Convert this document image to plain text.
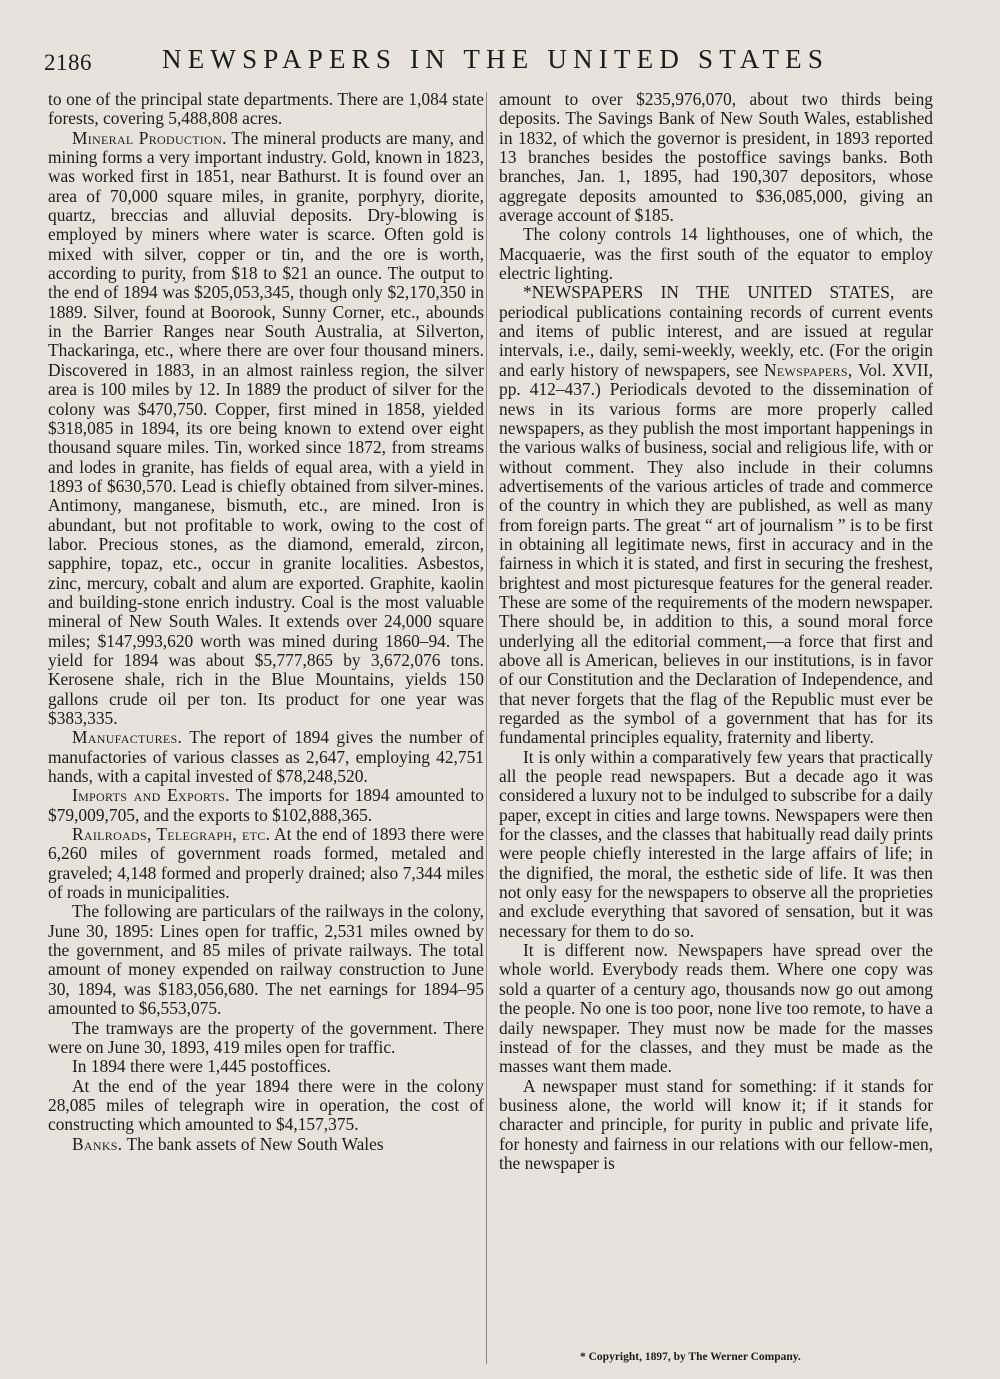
2186	NEWSPAPERS IN THE UNITED STATES

to one of the principal state departments. There are 1,084 state forests, covering 5,488,808 acres.

Mineral Production. The mineral products are many, and mining forms a very important industry. Gold, known in 1823, was worked first in 1851, near Bathurst. It is found over an area of 70,000 square miles, in granite, porphyry, diorite, quartz, breccias and alluvial deposits. Dry-blowing is employed by miners where water is scarce. Often gold is mixed with silver, copper or tin, and the ore is worth, according to purity, from $18 to $21 an ounce. The output to the end of 1894 was $205,053,345, though only $2,170,350 in 1889. Silver, found at Boorook, Sunny Corner, etc., abounds in the Barrier Ranges near South Australia, at Silverton, Thackaringa, etc., where there are over four thousand miners. Discovered in 1883, in an almost rainless region, the silver area is 100 miles by 12. In 1889 the product of silver for the colony was $470,750. Copper, first mined in 1858, yielded $318,085 in 1894, its ore being known to extend over eight thousand square miles. Tin, worked since 1872, from streams and lodes in granite, has fields of equal area, with a yield in 1893 of $630,570. Lead is chiefly obtained from silver-mines. Antimony, manganese, bismuth, etc., are mined. Iron is abundant, but not profitable to work, owing to the cost of labor. Precious stones, as the diamond, emerald, zircon, sapphire, topaz, etc., occur in granite localities. Asbestos, zinc, mercury, cobalt and alum are exported. Graphite, kaolin and building-stone enrich industry. Coal is the most valuable mineral of New South Wales. It extends over 24,000 square miles; $147,993,620 worth was mined during 1860–94. The yield for 1894 was about $5,777,865 by 3,672,076 tons. Kerosene shale, rich in the Blue Mountains, yields 150 gallons crude oil per ton. Its product for one year was $383,335.

Manufactures. The report of 1894 gives the number of manufactories of various classes as 2,647, employing 42,751 hands, with a capital invested of $78,248,520.

Imports and Exports. The imports for 1894 amounted to $79,009,705, and the exports to $102,888,365.

Railroads, Telegraph, etc. At the end of 1893 there were 6,260 miles of government roads formed, metaled and graveled; 4,148 formed and properly drained; also 7,344 miles of roads in municipalities.

The following are particulars of the railways in the colony, June 30, 1895: Lines open for traffic, 2,531 miles owned by the government, and 85 miles of private railways. The total amount of money expended on railway construction to June 30, 1894, was $183,056,680. The net earnings for 1894–95 amounted to $6,553,075.

The tramways are the property of the government. There were on June 30, 1893, 419 miles open for traffic.

In 1894 there were 1,445 postoffices.

At the end of the year 1894 there were in the colony 28,085 miles of telegraph wire in operation, the cost of constructing which amounted to $4,157,375.

Banks. The bank assets of New South Wales

amount to over $235,976,070, about two thirds being deposits. The Savings Bank of New South Wales, established in 1832, of which the governor is president, in 1893 reported 13 branches besides the postoffice savings banks. Both branches, Jan. 1, 1895, had 190,307 depositors, whose aggregate deposits amounted to $36,085,000, giving an average account of $185.

The colony controls 14 lighthouses, one of which, the Macquaerie, was the first south of the equator to employ electric lighting.

*NEWSPAPERS IN THE UNITED STATES, are periodical publications containing records of current events and items of public interest, and are issued at regular intervals, i.e., daily, semi-weekly, weekly, etc. (For the origin and early history of newspapers, see Newspapers, Vol. XVII, pp. 412–437.) Periodicals devoted to the dissemination of news in its various forms are more properly called newspapers, as they publish the most important happenings in the various walks of business, social and religious life, with or without comment. They also include in their columns advertisements of the various articles of trade and commerce of the country in which they are published, as well as many from foreign parts. The great “ art of journalism ” is to be first in obtaining all legitimate news, first in accuracy and in the fairness in which it is stated, and first in securing the freshest, brightest and most picturesque features for the general reader. These are some of the requirements of the modern newspaper. There should be, in addition to this, a sound moral force underlying all the editorial comment,—a force that first and above all is American, believes in our institutions, is in favor of our Constitution and the Declaration of Independence, and that never forgets that the flag of the Republic must ever be regarded as the symbol of a government that has for its fundamental principles equality, fraternity and liberty.

It is only within a comparatively few years that practically all the people read newspapers. But a decade ago it was considered a luxury not to be indulged to subscribe for a daily paper, except in cities and large towns. Newspapers were then for the classes, and the classes that habitually read daily prints were people chiefly interested in the large affairs of life; in the dignified, the moral, the esthetic side of life. It was then not only easy for the newspapers to observe all the proprieties and exclude everything that savored of sensation, but it was necessary for them to do so.

It is different now. Newspapers have spread over the whole world. Everybody reads them. Where one copy was sold a quarter of a century ago, thousands now go out among the people. No one is too poor, none live too remote, to have a daily newspaper. They must now be made for the masses instead of for the classes, and they must be made as the masses want them made.

A newspaper must stand for something: if it stands for business alone, the world will know it; if it stands for character and principle, for purity in public and private life, for honesty and fairness in our relations with our fellow-men, the newspaper is

* Copyright, 1897, by The Werner Company.
